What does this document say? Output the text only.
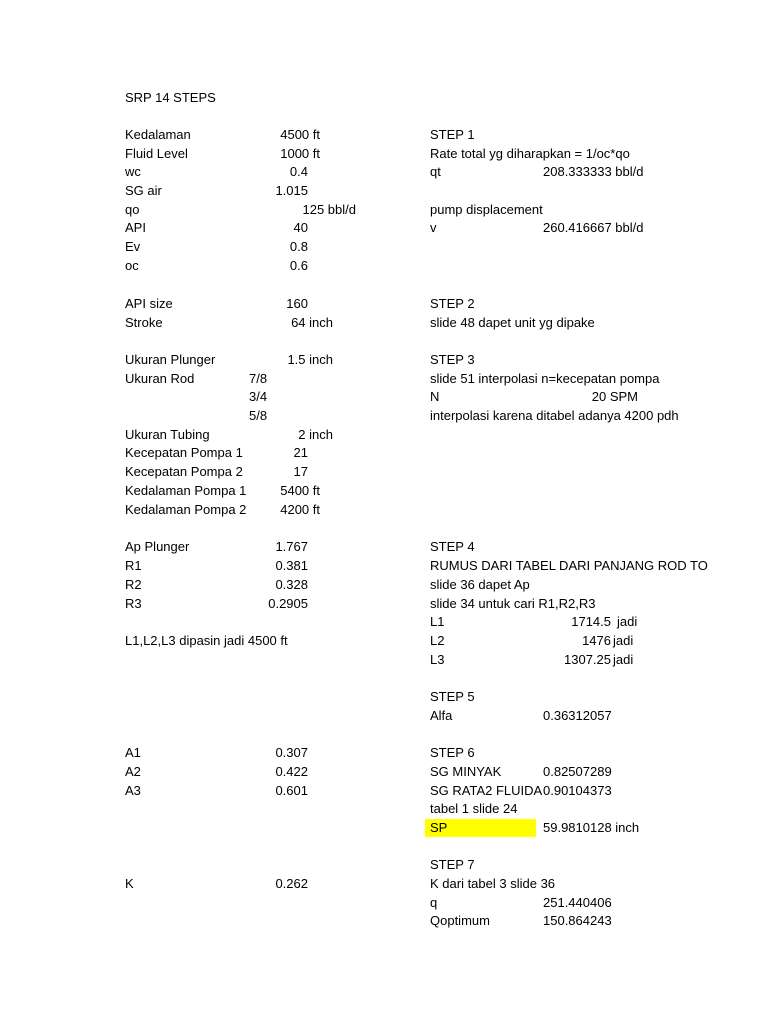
SRP 14 STEPS
Kedalaman	4500 ft
Fluid Level	1000 ft
wc	0.4
SG air	1.015
qo	125 bbl/d
API	40
Ev	0.8
oc	0.6
API size	160
Stroke	64 inch
Ukuran Plunger	1.5 inch
Ukuran Rod	7/8
3/4
5/8
Ukuran Tubing	2 inch
Kecepatan Pompa 1	21
Kecepatan Pompa 2	17
Kedalaman Pompa 1	5400 ft
Kedalaman Pompa 2	4200 ft
Ap Plunger	1.767
R1	0.381
R2	0.328
R3	0.2905
L1,L2,L3 dipasin jadi 4500 ft
A1	0.307
A2	0.422
A3	0.601
K	0.262
STEP 1
Rate total yg diharapkan = 1/oc*qo
qt	208.333333 bbl/d
pump displacement
v	260.416667 bbl/d
STEP 2
slide 48 dapet unit yg dipake
STEP 3
slide 51 interpolasi n=kecepatan pompa
N	20 SPM
interpolasi karena ditabel adanya 4200 pdh
STEP 4
RUMUS DARI TABEL DARI PANJANG ROD TO
slide 36 dapet Ap
slide 34 untuk cari R1,R2,R3
L1	1714.5 jadi
L2	1476 jadi
L3	1307.25 jadi
STEP 5
Alfa	0.36312057
STEP 6
SG MINYAK	0.82507289
SG RATA2 FLUIDA 0.90104373
tabel 1 slide 24
SP	59.9810128 inch
STEP 7
K dari tabel 3 slide 36
q	251.440406
Qoptimum	150.864243
